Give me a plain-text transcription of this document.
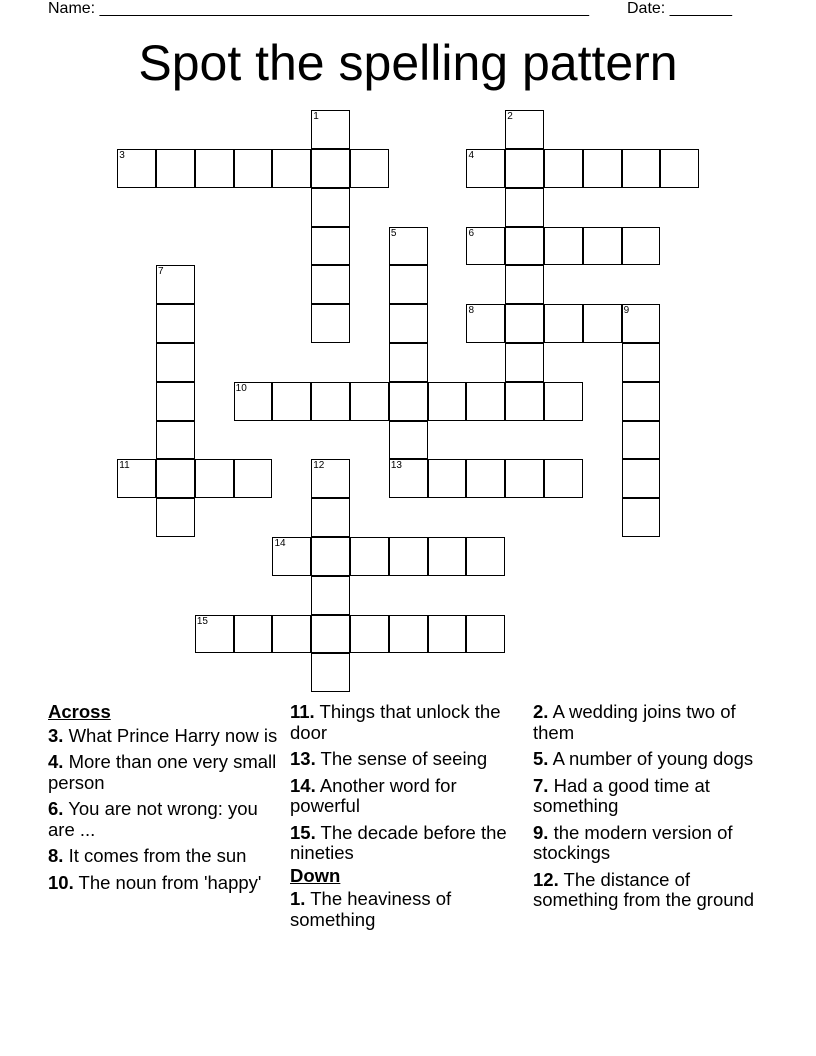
Name: _______________________________________________________ Date: _______
Spot the spelling pattern
1	2
3	4
5	6
7
8	9
10
11	12	13
14
15
Across
3. What Prince Harry now is
4. More than one very small person
6. You are not wrong: you are ...
8. It comes from the sun
10. The noun from 'happy'
11. Things that unlock the door
13. The sense of seeing
14. Another word for powerful
15. The decade before the nineties
Down
1. The heaviness of something
2. A wedding joins two of them
5. A number of young dogs
7. Had a good time at something
9. the modern version of stockings
12. The distance of something from the ground
